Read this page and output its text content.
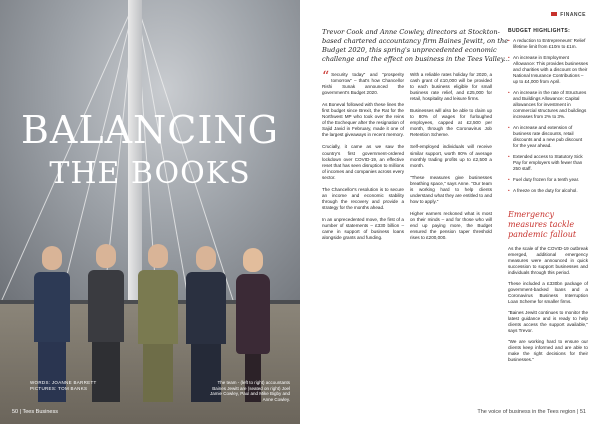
BALANCING
THE BOOKS
WORDS: JOANNE BARRETT
PICTURES: TOM BANKS
The team - (left to right) accountants Baines Jewitt are (seated on right) Joel Jamie Cowley, Paul and Mike Bigby and Anne Cowley.
50 | Tees Business
FINANCE
Trevor Cook and Anne Cowley, directors at Stockton-based chartered accountancy firm Baines Jewitt, on the Budget 2020, this spring's unprecedented economic challenge and the effect on business in the Tees Valley...
“ Security today" and "prosperity tomorrow" – that's how Chancellor Rishi Sunak announced the government's Budget 2020.

As Boneval followed with these lines the first budget since Brexit, the Rat for the Northwest MP who took over the reins of the Exchequer after the resignation of Sajid Javid in February, made it one of the largest giveaways in recent memory.

Crucially, it came as we saw the country's first government-ordered lockdown over COVID-19, an effective reset that has seen disruption to millions of incomes and companies across every sector.

The Chancellor's resolution is to secure an income and economic stability through the recovery and provide a strategy for the months ahead.

In an unprecedented move, the first of a number of statements – £330 billion – came in support of business loans alongside grants and funding.

With a reliable rates holiday for 2020, a cash grant of £10,000 will be provided to each business eligible for small business rate relief, and £25,000 for retail, hospitality and leisure firms.

Businesses will also be able to claim up to 80% of wages for furloughed employees, capped at £2,500 per month, through the Coronavirus Job Retention Scheme.

Self-employed individuals will receive similar support, worth 80% of average monthly trading profits up to £2,500 a month.

"These measures give businesses breathing space," says Anne. "Our team is working hard to help clients understand what they are entitled to and how to apply."

Higher earners reckoned what is most on their minds – and for those who will end up paying more, the Budget ensured the pension taper threshold rises to £200,000.

BUDGET HIGHLIGHTS:
• A reduction to Entrepreneurs' Relief lifetime limit from £10m to £1m.
• An increase in Employment Allowance: This provides businesses and charities with a discount on their National Insurance Contributions – up to £4,000 from April.
• An increase in the rate of Structures and Buildings Allowance: Capital allowances for investment in commercial structures and buildings increases from 2% to 3%.
• An increase and extension of business rate discounts, retail discounts and a new pub discount for the year ahead.
• Extended access to Statutory Sick Pay for employers with fewer than 250 staff.
• Fuel duty frozen for a tenth year.
• A freeze on the duty for alcohol.
Emergency measures tackle pandemic fallout

As the scale of the COVID-19 outbreak emerged, additional emergency measures were announced in quick succession to support businesses and individuals through this period.

These included a £330bn package of government-backed loans and a Coronavirus Business Interruption Loan Scheme for smaller firms.

"Baines Jewitt continues to monitor the latest guidance and is ready to help clients access the support available," says Trevor.

"We are working hard to ensure our clients keep informed and are able to make the right decisions for their businesses."

The voice of business in the Tees region | 51
